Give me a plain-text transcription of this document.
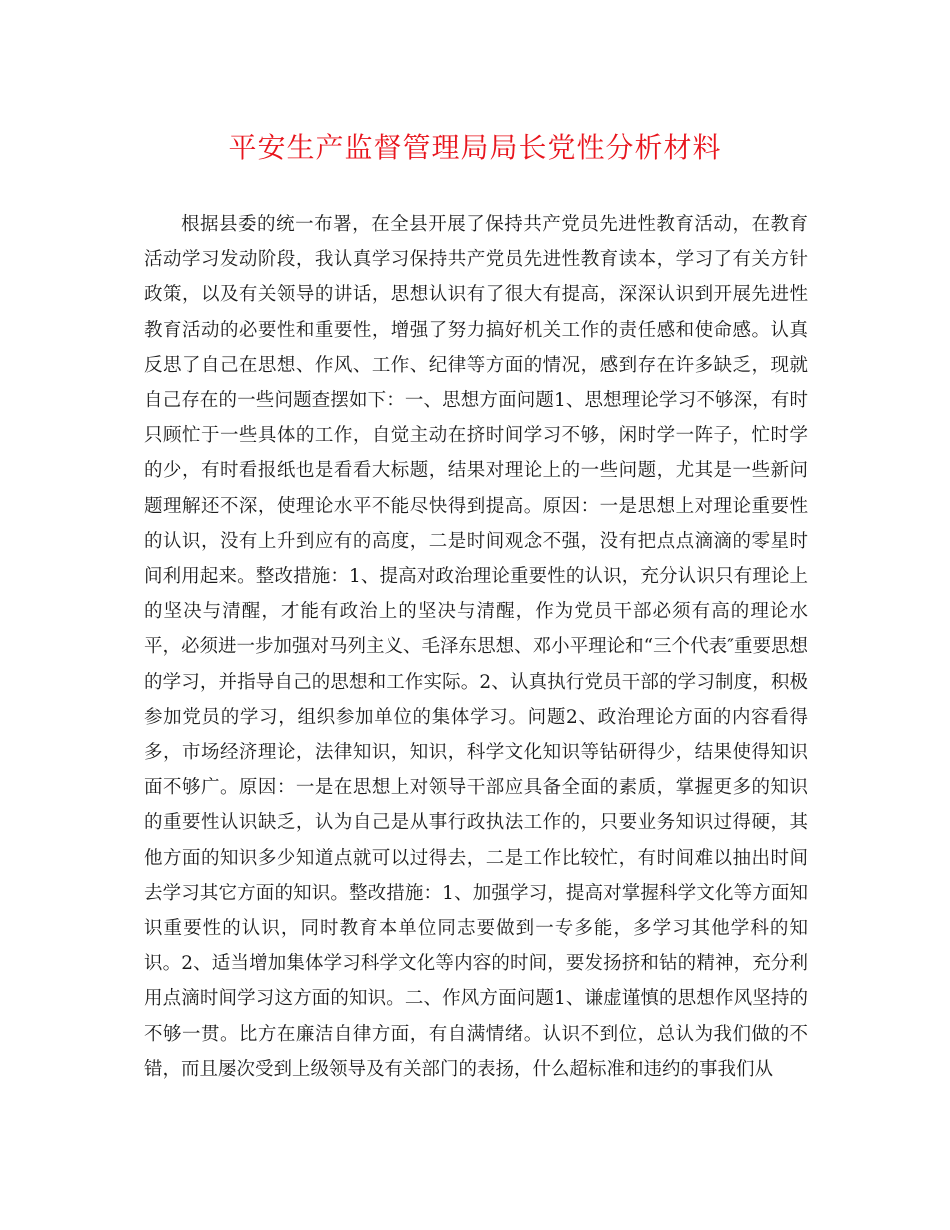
平安生产监督管理局局长党性分析材料

根据县委的统一布署，在全县开展了保持共产党员先进性教育活动，在教育活动学习发动阶段，我认真学习保持共产党员先进性教育读本，学习了有关方针政策，以及有关领导的讲话，思想认识有了很大有提高，深深认识到开展先进性教育活动的必要性和重要性，增强了努力搞好机关工作的责任感和使命感。认真反思了自己在思想、作风、工作、纪律等方面的情况，感到存在许多缺乏，现就自己存在的一些问题查摆如下：一、思想方面问题1、思想理论学习不够深，有时只顾忙于一些具体的工作，自觉主动在挤时间学习不够，闲时学一阵子，忙时学的少，有时看报纸也是看看大标题，结果对理论上的一些问题，尤其是一些新问题理解还不深，使理论水平不能尽快得到提高。原因：一是思想上对理论重要性的认识，没有上升到应有的高度，二是时间观念不强，没有把点点滴滴的零星时间利用起来。整改措施：1、提高对政治理论重要性的认识，充分认识只有理论上的坚决与清醒，才能有政治上的坚决与清醒，作为党员干部必须有高的理论水平，必须进一步加强对马列主义、毛泽东思想、邓小平理论和“三个代表″重要思想的学习，并指导自己的思想和工作实际。2、认真执行党员干部的学习制度，积极参加党员的学习，组织参加单位的集体学习。问题2、政治理论方面的内容看得多，市场经济理论，法律知识，知识，科学文化知识等钻研得少，结果使得知识面不够广。原因：一是在思想上对领导干部应具备全面的素质，掌握更多的知识的重要性认识缺乏，认为自己是从事行政执法工作的，只要业务知识过得硬，其他方面的知识多少知道点就可以过得去，二是工作比较忙，有时间难以抽出时间去学习其它方面的知识。整改措施：1、加强学习，提高对掌握科学文化等方面知识重要性的认识，同时教育本单位同志要做到一专多能，多学习其他学科的知识。2、适当增加集体学习科学文化等内容的时间，要发扬挤和钻的精神，充分利用点滴时间学习这方面的知识。二、作风方面问题1、谦虚谨慎的思想作风坚持的不够一贯。比方在廉洁自律方面，有自满情绪。认识不到位，总认为我们做的不错，而且屡次受到上级领导及有关部门的表扬，什么超标准和违约的事我们从
